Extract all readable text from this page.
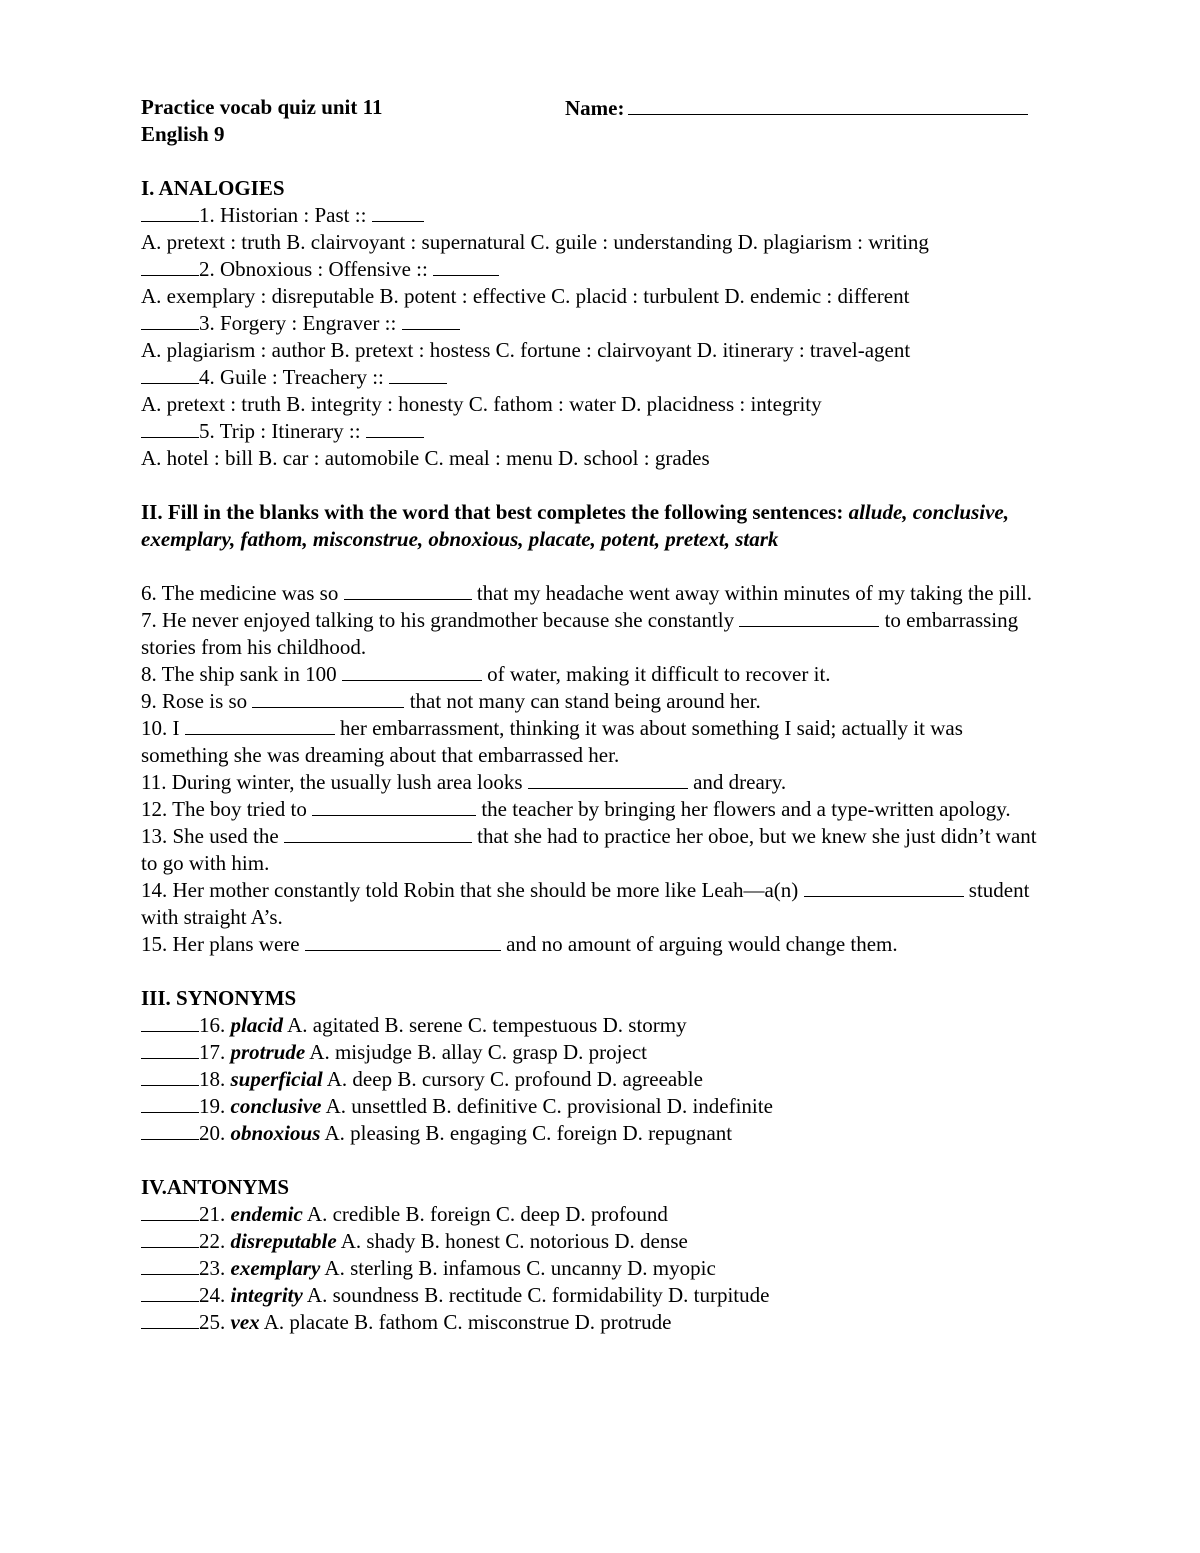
Practice vocab quiz unit 11
English 9
Name:
I. ANALOGIES
1. Historian : Past ::
A. pretext : truth B. clairvoyant : supernatural C. guile : understanding D. plagiarism : writing
2. Obnoxious : Offensive ::
A. exemplary : disreputable B. potent : effective C. placid : turbulent D. endemic : different
3. Forgery : Engraver ::
A. plagiarism : author B. pretext : hostess C. fortune : clairvoyant D. itinerary : travel-agent
4. Guile : Treachery ::
A. pretext : truth B. integrity : honesty C. fathom : water D. placidness : integrity
5. Trip : Itinerary ::
A. hotel : bill B. car : automobile C. meal : menu D. school : grades
II. Fill in the blanks with the word that best completes the following sentences: allude, conclusive, exemplary, fathom, misconstrue, obnoxious, placate, potent, pretext, stark
6. The medicine was so	that my headache went away within minutes of my taking the pill.
7. He never enjoyed talking to his grandmother because she constantly	to embarrassing stories from his childhood.
8. The ship sank in 100	of water, making it difficult to recover it.
9. Rose is so	that not many can stand being around her.
10. I	her embarrassment, thinking it was about something I said; actually it was something she was dreaming about that embarrassed her.
11. During winter, the usually lush area looks	and dreary.
12. The boy tried to	the teacher by bringing her flowers and a type-written apology.
13. She used the	that she had to practice her oboe, but we knew she just didn’t want to go with him.
14. Her mother constantly told Robin that she should be more like Leah—a(n)	student with straight A’s.
15. Her plans were	and no amount of arguing would change them.
III. SYNONYMS
16. placid A. agitated B. serene C. tempestuous D. stormy
17. protrude A. misjudge B. allay C. grasp D. project
18. superficial A. deep B. cursory C. profound D. agreeable
19. conclusive A. unsettled B. definitive C. provisional D. indefinite
20. obnoxious A. pleasing B. engaging C. foreign D. repugnant
IV.ANTONYMS
21. endemic A. credible B. foreign C. deep D. profound
22. disreputable A. shady B. honest C. notorious D. dense
23. exemplary A. sterling B. infamous C. uncanny D. myopic
24. integrity A. soundness B. rectitude C. formidability D. turpitude
25. vex A. placate B. fathom C. misconstrue D. protrude
